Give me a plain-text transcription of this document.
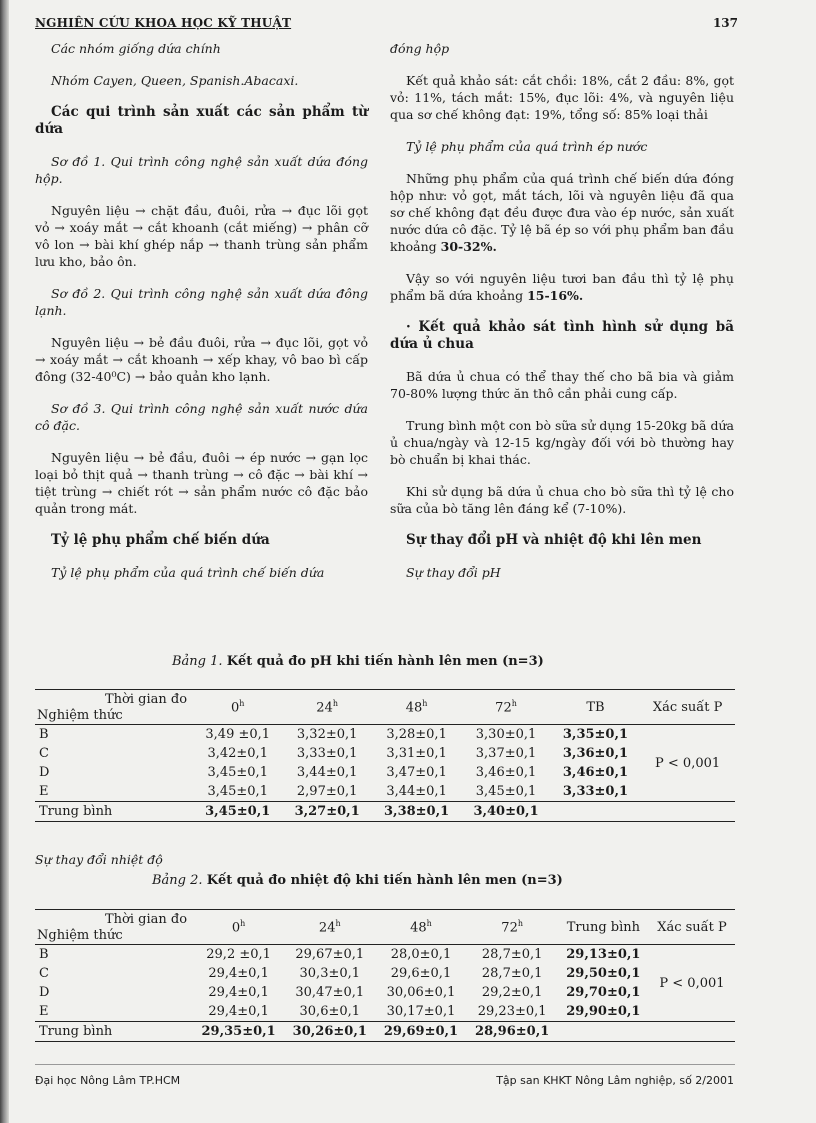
NGHIÊN CỨU KHOA HỌC KỸ THUẬT	137

Các nhóm giống dứa chính

Nhóm Cayen, Queen, Spanish.Abacaxi.

Các qui trình sản xuất các sản phẩm từ dứa

Sơ đồ 1. Qui trình công nghệ sản xuất dứa đóng hộp.

Nguyên liệu → chặt đầu, đuôi, rửa → đục lõi gọt vỏ → xoáy mắt → cắt khoanh (cắt miếng) → phân cỡ vô lon → bài khí ghép nắp → thanh trùng sản phẩm lưu kho, bảo ôn.

Sơ đồ 2. Qui trình công nghệ sản xuất dứa đông lạnh.

Nguyên liệu → bẻ đầu đuôi, rửa → đục lõi, gọt vỏ → xoáy mắt → cắt khoanh → xếp khay, vô bao bì cấp đông (32-40⁰C) → bảo quản kho lạnh.

Sơ đồ 3. Qui trình công nghệ sản xuất nước dứa cô đặc.

Nguyên liệu → bẻ đầu, đuôi → ép nước → gạn lọc loại bỏ thịt quả → thanh trùng → cô đặc → bài khí → tiệt trùng → chiết rót → sản phẩm nước cô đặc bảo quản trong mát.

Tỷ lệ phụ phẩm chế biến dứa

Tỷ lệ phụ phẩm của quá trình chế biến dứa

đóng hộp

Kết quả khảo sát: cắt chồi: 18%, cắt 2 đầu: 8%, gọt vỏ: 11%, tách mắt: 15%, đục lõi: 4%, và nguyên liệu qua sơ chế không đạt: 19%, tổng số: 85% loại thải

Tỷ lệ phụ phẩm của quá trình ép nước

Những phụ phẩm của quá trình chế biến dứa đóng hộp như: vỏ gọt, mắt tách, lõi và nguyên liệu đã qua sơ chế không đạt đều được đưa vào ép nước, sản xuất nước dứa cô đặc. Tỷ lệ bã ép so với phụ phẩm ban đầu khoảng 30-32%.

Vậy so với nguyên liệu tươi ban đầu thì tỷ lệ phụ phẩm bã dứa khoảng 15-16%.

· Kết quả khảo sát tình hình sử dụng bã dứa ủ chua

Bã dứa ủ chua có thể thay thế cho bã bia và giảm 70-80% lượng thức ăn thô cần phải cung cấp.

Trung bình một con bò sữa sử dụng 15-20kg bã dứa ủ chua/ngày và 12-15 kg/ngày đối với bò thường hay bò chuẩn bị khai thác.

Khi sử dụng bã dứa ủ chua cho bò sữa thì tỷ lệ cho sữa của bò tăng lên đáng kể (7-10%).

Sự thay đổi pH và nhiệt độ khi lên men

Sự thay đổi pH

Bảng 1. Kết quả đo pH khi tiến hành lên men (n=3)
Thời gian đo
Nghiệm thức	0$^h$	24$^h$	48$^h$	72$^h$	TB	Xác suất P
B	3,49 ±0,1	3,32±0,1	3,28±0,1	3,30±0,1	3,35±0,1	P < 0,001
C	3,42±0,1	3,33±0,1	3,31±0,1	3,37±0,1	3,36±0,1	
D	3,45±0,1	3,44±0,1	3,47±0,1	3,46±0,1	3,46±0,1	
E	3,45±0,1	2,97±0,1	3,44±0,1	3,45±0,1	3,33±0,1	
Trung bình	3,45±0,1	3,27±0,1	3,38±0,1	3,40±0,1		
Sự thay đổi nhiệt độ
Bảng 2. Kết quả đo nhiệt độ khi tiến hành lên men (n=3)
Thời gian đo
Nghiệm thức	0$^h$	24$^h$	48$^h$	72$^h$	Trung bình	Xác suất P
B	29,2 ±0,1	29,67±0,1	28,0±0,1	28,7±0,1	29,13±0,1	P < 0,001
C	29,4±0,1	30,3±0,1	29,6±0,1	28,7±0,1	29,50±0,1	
D	29,4±0,1	30,47±0,1	30,06±0,1	29,2±0,1	29,70±0,1	
E	29,4±0,1	30,6±0,1	30,17±0,1	29,23±0,1	29,90±0,1	
Trung bình	29,35±0,1	30,26±0,1	29,69±0,1	28,96±0,1		
Đại học Nông Lâm TP.HCM	Tập san KHKT Nông Lâm nghiệp, số 2/2001
